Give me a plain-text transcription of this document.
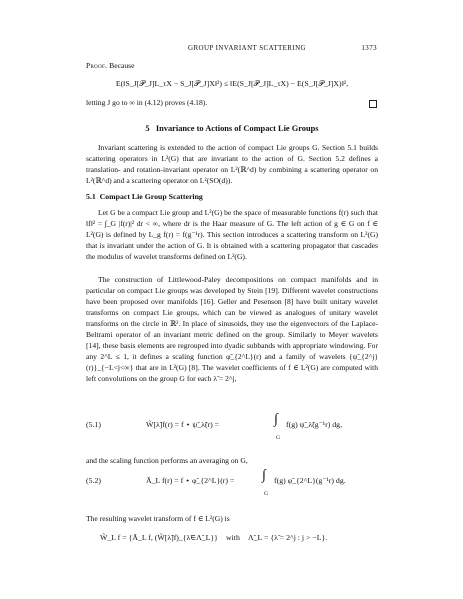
GROUP INVARIANT SCATTERING	1373
Proof. Because
E(‖S_J[𝒫_J]L_τX − S_J[𝒫_J]X‖²) ≤ ‖E(S_J[𝒫_J]L_τX) − E(S_J[𝒫_J]X)‖²,
letting J go to ∞ in (4.12) proves (4.18).
5 Invariance to Actions of Compact Lie Groups
Invariant scattering is extended to the action of compact Lie groups G. Section 5.1 builds scattering operators in L²(G) that are invariant to the action of G. Section 5.2 defines a translation- and rotation-invariant operator on L²(ℝ^d) by combining a scattering operator on L²(ℝ^d) and a scattering operator on L²(SO(d)).
5.1 Compact Lie Group Scattering
Let G be a compact Lie group and L²(G) be the space of measurable functions f(r) such that ‖f‖² = ∫_G |f(r)|² dr < ∞, where dr is the Haar measure of G. The left action of g ∈ G on f ∈ L²(G) is defined by L_g f(r) = f(g⁻¹r). This section introduces a scattering transform on L²(G) that is invariant under the action of G. It is obtained with a scattering propagator that cascades the modulus of wavelet transforms defined on L²(G).
The construction of Littlewood-Paley decompositions on compact manifolds and in particular on compact Lie groups was developed by Stein [19]. Different wavelet constructions have been proposed over manifolds [16]. Geller and Pesenson [8] have built unitary wavelet transforms on compact Lie groups, which can be viewed as analogues of unitary wavelet transforms on the circle in ℝ². In place of sinusoids, they use the eigenvectors of the Laplace-Beltrami operator of an invariant metric defined on the group. Similarly to Meyer wavelets [14], these basis elements are regrouped into dyadic subbands with appropriate windowing. For any 2^L ≤ 1, it defines a scaling function φ̃_{2^L}(r) and a family of wavelets {ψ̃_{2^j}(r)}_{−L<j<∞} that are in L²(G) [8]. The wavelet coefficients of f ∈ L²(G) are computed with left convolutions on the group G for each λ̃ = 2^j,
(5.1)	W̃[λ̃]f(r) = f ⋆ ψ̃_λ̃(r) =	∫ f(g) ψ̃_λ̃(g⁻¹r) dg,
G
and the scaling function performs an averaging on G,
(5.2)	Ã_L f(r) = f ⋆ φ̃_{2^L}(r) = ∫ f(g) φ̃_{2^L}(g⁻¹r) dg.
G
The resulting wavelet transform of f ∈ L²(G) is
W̃_L f = {Ã_L f, (W̃[λ̃]f)_{λ̃∈Λ̃_L}} with Λ̃_L = {λ̃ = 2^j : j > −L}.
